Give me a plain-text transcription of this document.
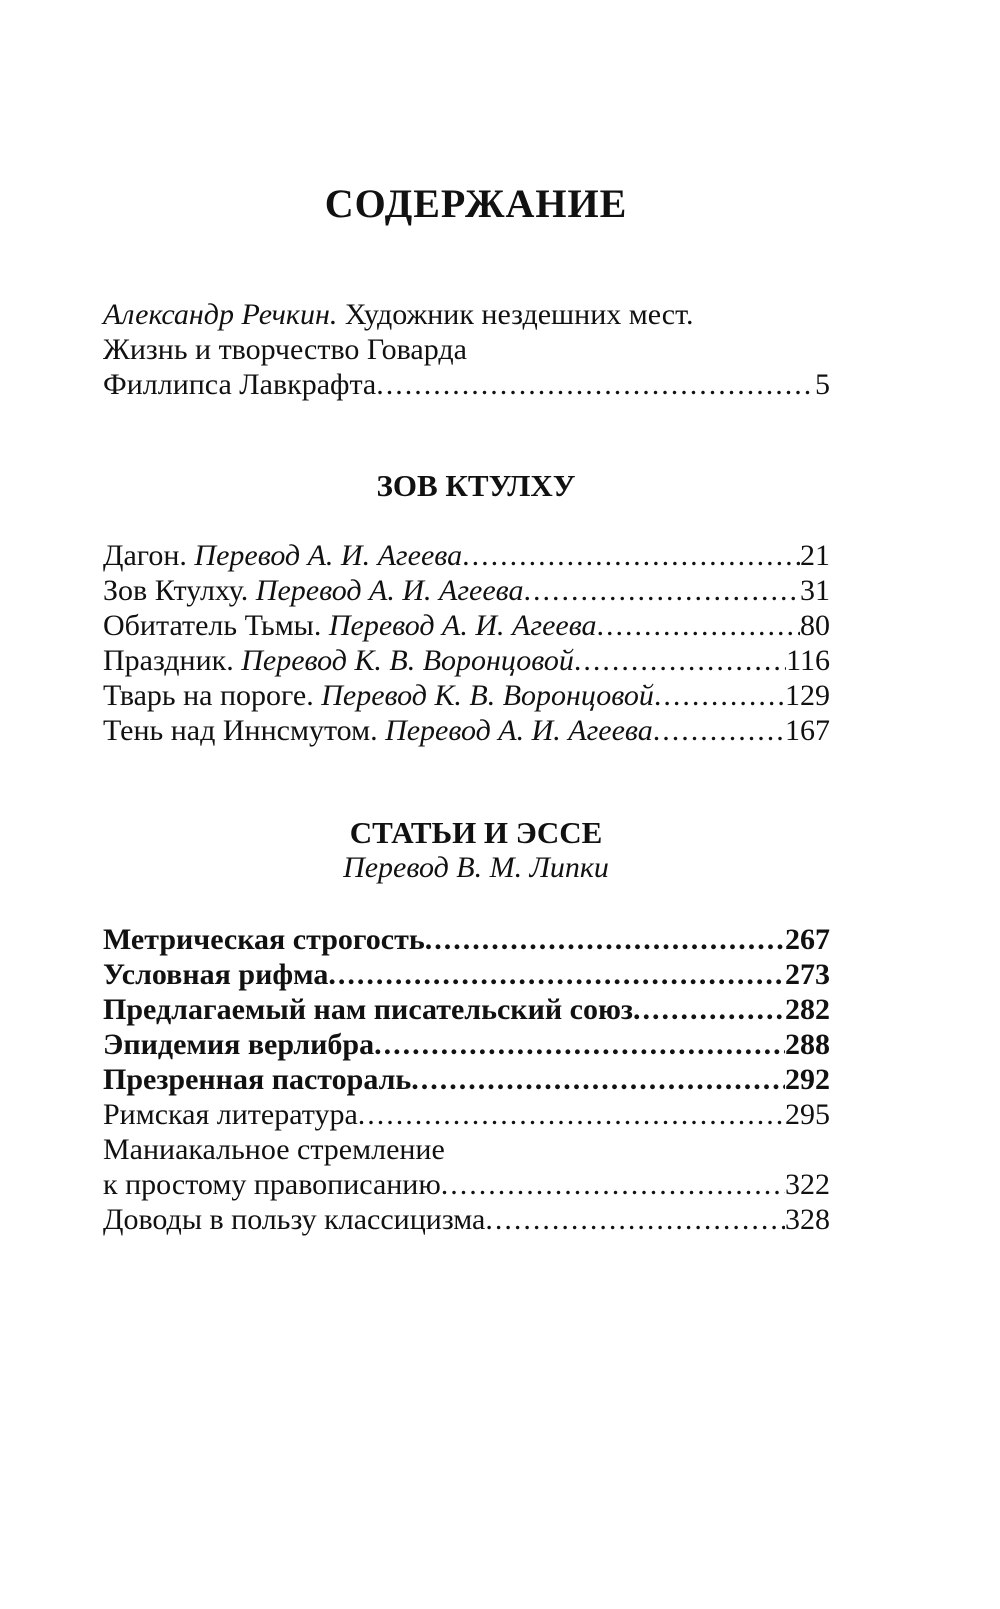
СОДЕРЖАНИЕ
Александр Речкин. Художник нездешних мест.
Жизнь и творчество Говарда
Филлипса Лавкрафта .....	5
ЗОВ КТУЛХУ
Дагон. Перевод А. И. Агеева .....	21
Зов Ктулху. Перевод А. И. Агеева .....	31
Обитатель Тьмы. Перевод А. И. Агеева .....	80
Праздник. Перевод К. В. Воронцовой .....	116
Тварь на пороге. Перевод К. В. Воронцовой .....	129
Тень над Иннсмутом. Перевод А. И. Агеева .....	167
СТАТЬИ И ЭССЕ
Перевод В. М. Липки
Метрическая строгость .....	267
Условная рифма .....	273
Предлагаемый нам писательский союз .....	282
Эпидемия верлибра .....	288
Презренная пастораль .....	292
Римская литература .....	295
Маниакальное стремление
к простому правописанию .....	322
Доводы в пользу классицизма .....	328
